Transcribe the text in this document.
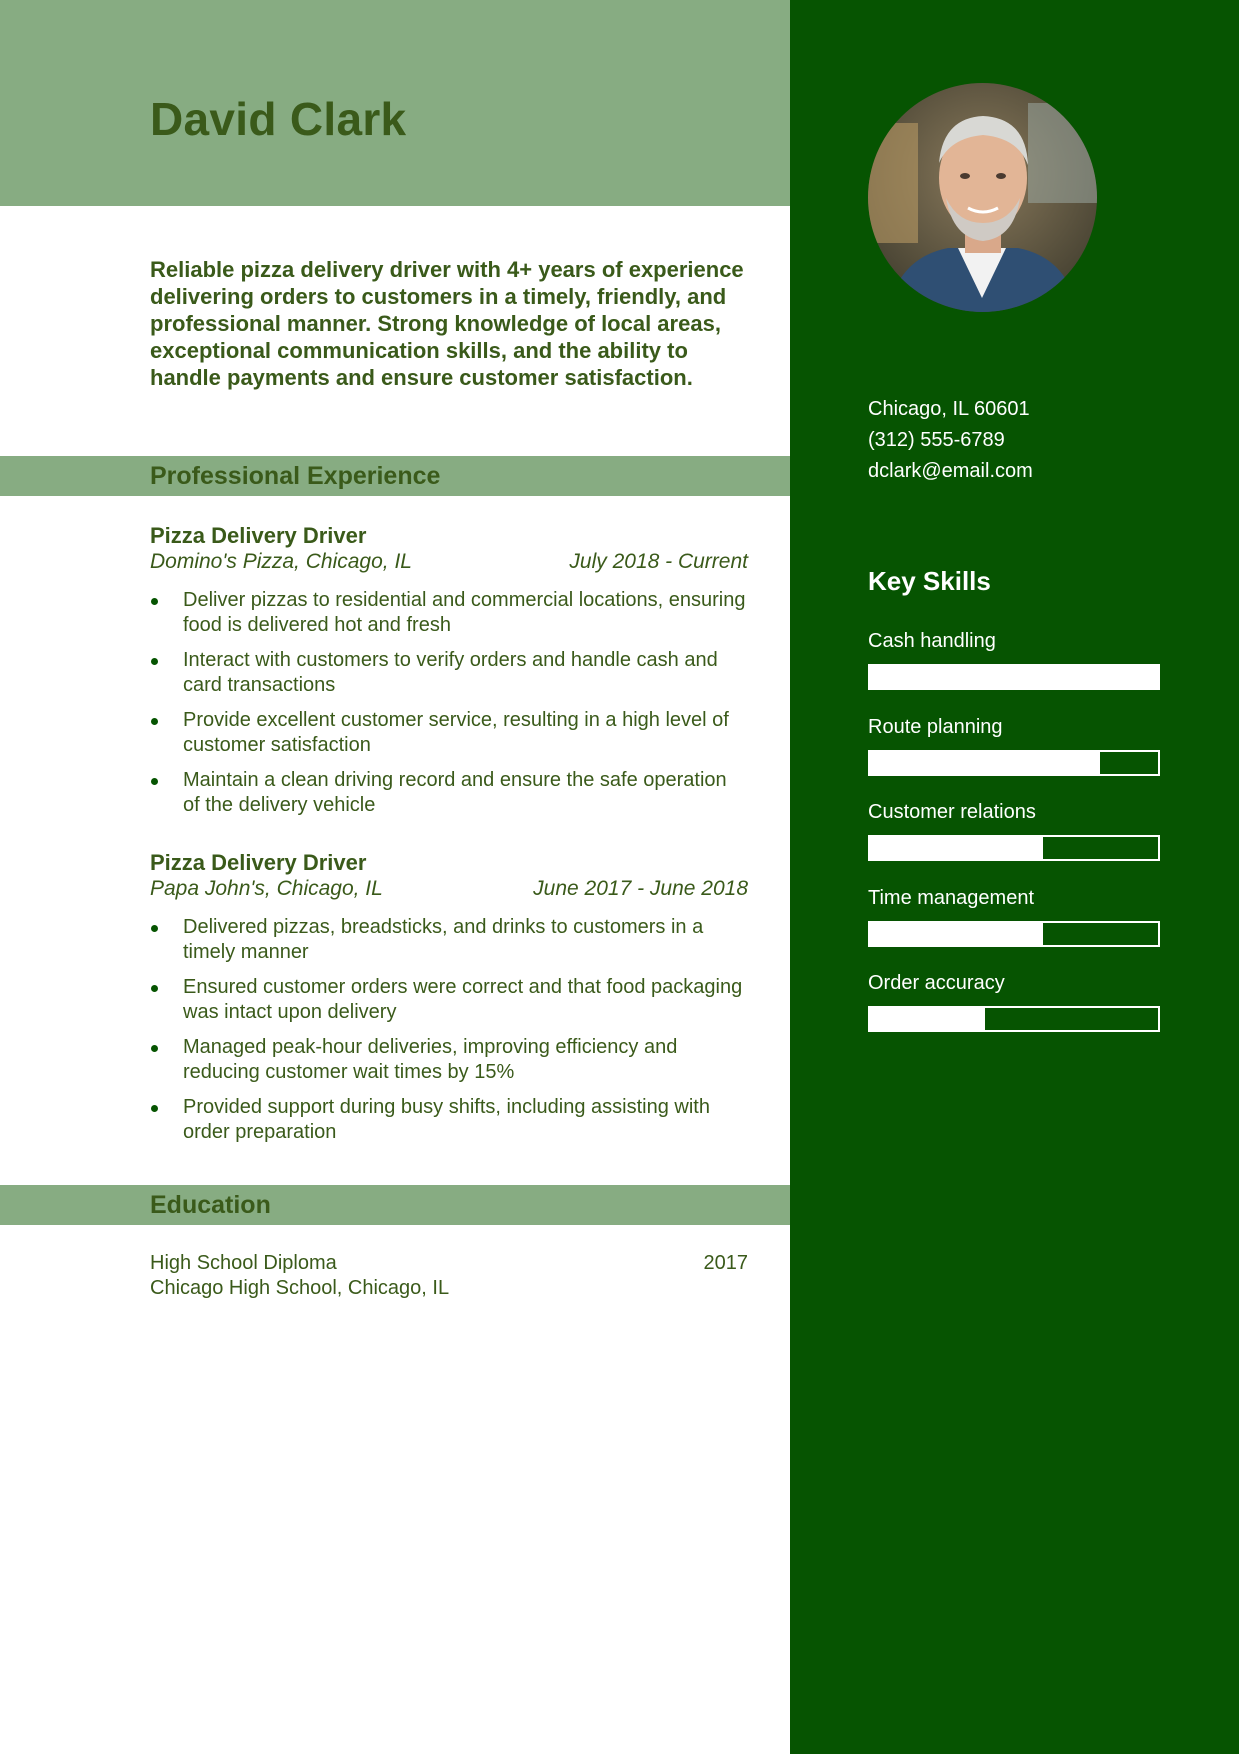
David Clark

Reliable pizza delivery driver with 4+ years of experience delivering orders to customers in a timely, friendly, and professional manner. Strong knowledge of local areas, exceptional communication skills, and the ability to handle payments and ensure customer satisfaction.

Professional Experience
Pizza Delivery Driver
Domino's Pizza, Chicago, IL	July 2018 - Current
Deliver pizzas to residential and commercial locations, ensuring food is delivered hot and fresh
Interact with customers to verify orders and handle cash and card transactions
Provide excellent customer service, resulting in a high level of customer satisfaction
Maintain a clean driving record and ensure the safe operation of the delivery vehicle
Pizza Delivery Driver
Papa John's, Chicago, IL	June 2017 - June 2018
Delivered pizzas, breadsticks, and drinks to customers in a timely manner
Ensured customer orders were correct and that food packaging was intact upon delivery
Managed peak-hour deliveries, improving efficiency and reducing customer wait times by 15%
Provided support during busy shifts, including assisting with order preparation
Education
High School Diploma
Chicago High School, Chicago, IL
2017
Chicago, IL 60601
(312) 555-6789
dclark@email.com
Key Skills
Cash handling
Route planning
Customer relations
Time management
Order accuracy
